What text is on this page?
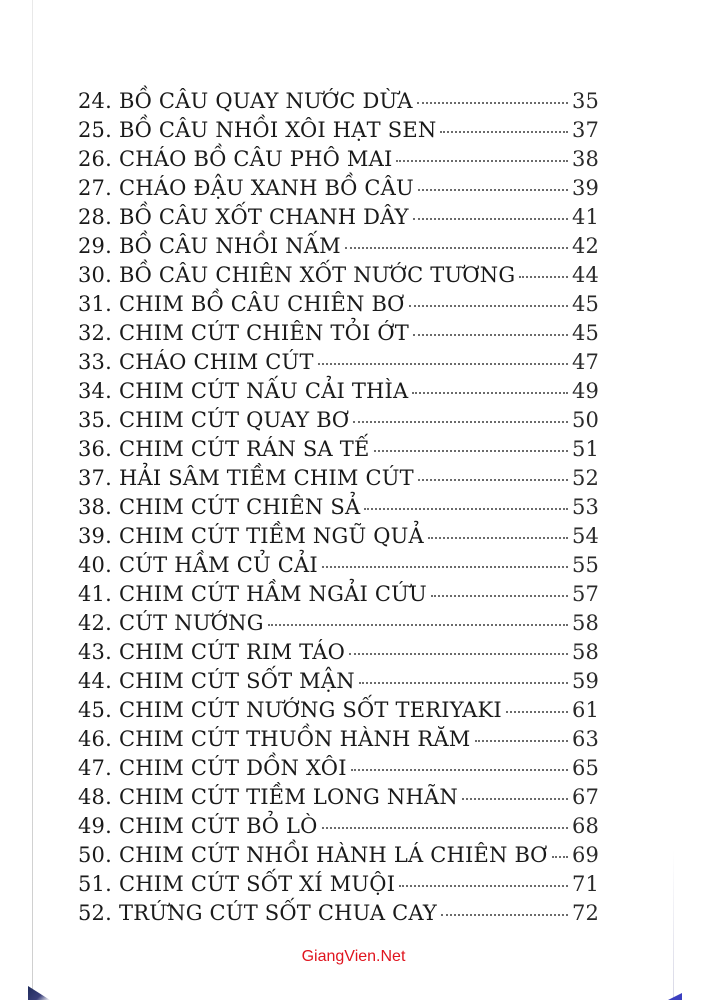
24. BỒ CÂU QUAY NƯỚC DỪA	35
25. BỒ CÂU NHỒI XÔI HẠT SEN	37
26. CHÁO BỒ CÂU PHÔ MAI	38
27. CHÁO ĐẬU XANH BỒ CÂU	39
28. BỒ CÂU XỐT CHANH DÂY	41
29. BỒ CÂU NHỒI NẤM	42
30. BỒ CÂU CHIÊN XỐT NƯỚC TƯƠNG	44
31. CHIM BỒ CÂU CHIÊN BƠ	45
32. CHIM CÚT CHIÊN TỎI ỚT	45
33. CHÁO CHIM CÚT	47
34. CHIM CÚT NẤU CẢI THÌA	49
35. CHIM CÚT QUAY BƠ	50
36. CHIM CÚT RÁN SA TẾ	51
37. HẢI SÂM TIỀM CHIM CÚT	52
38. CHIM CÚT CHIÊN SẢ	53
39. CHIM CÚT TIỀM NGŨ QUẢ	54
40. CÚT HẦM CỦ CẢI	55
41. CHIM CÚT HẦM NGẢI CỨU	57
42. CÚT NƯỚNG	58
43. CHIM CÚT RIM TÁO	58
44. CHIM CÚT SỐT MẬN	59
45. CHIM CÚT NƯỚNG SỐT TERIYAKI	61
46. CHIM CÚT THUỒN HÀNH RĂM	63
47. CHIM CÚT DỒN XÔI	65
48. CHIM CÚT TIỀM LONG NHÃN	67
49. CHIM CÚT BỎ LÒ	68
50. CHIM CÚT NHỒI HÀNH LÁ CHIÊN BƠ 69
51. CHIM CÚT SỐT XÍ MUỘI	71
52. TRỨNG CÚT SỐT CHUA CAY	72
GiangVien.Net
